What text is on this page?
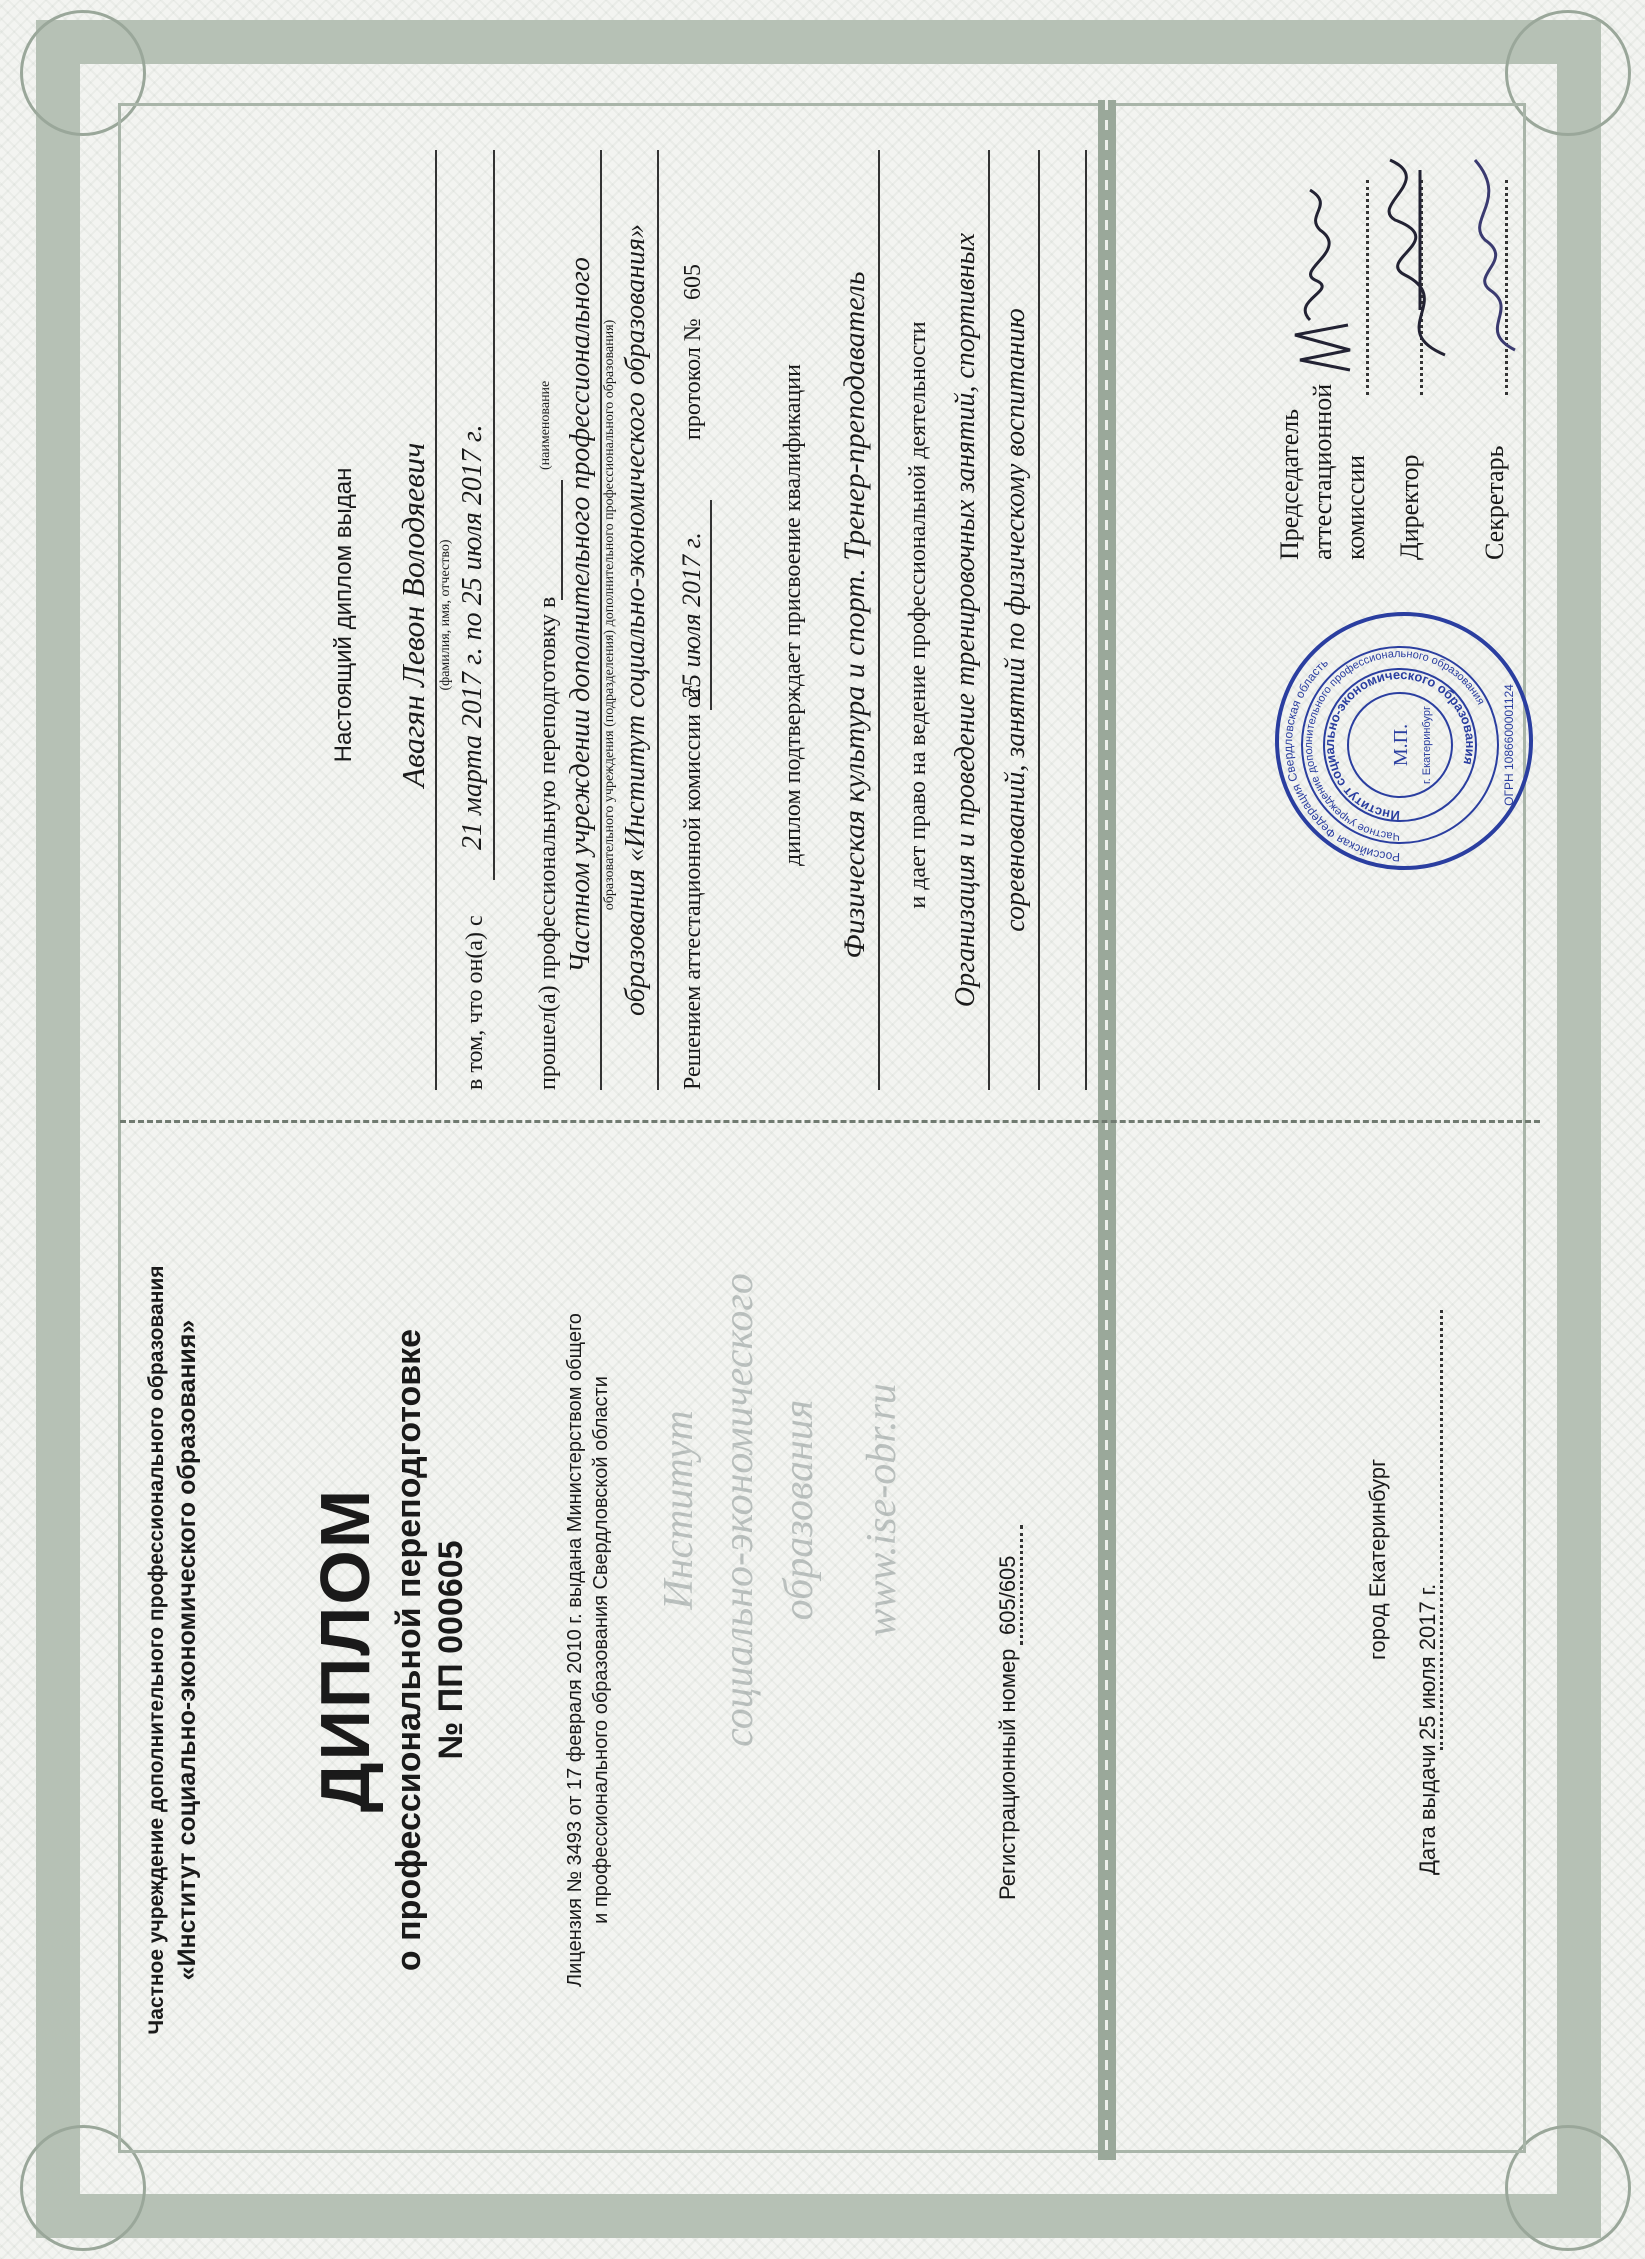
Частное учреждение дополнительного профессионального образования «Институт социально-экономического образования» ДИПЛОМ о профессиональной переподготовке № ПП 000605	Лицензия № 3493 от 17 февраля 2010 г. выдана Министерством общего и профессионального образования Свердловской области Институт социально-экономического образования www.ise-obr.ru
Регистрационный номер
605/605	город Екатеринбург
Дата выдачи
25 июля 2017 г.
Настоящий диплом выдан Авагян Левон Володяевич (фамилия, имя, отчество)
в том, что он(а) с
21 марта 2017 г. по 25 июля 2017 г. прошел(а) профессиональную переподготовку в
(наименование Частном учреждении дополнительного профессионального образовательного учреждения (подразделения) дополнительного профессионального образования) образования «Институт социально-экономического образования» Решением аттестационной комиссии от
25 июля 2017 г.
протокол №
605
диплом подтверждает присвоение квалификации Физическая культура и спорт. Тренер-преподаватель и дает право на ведение профессиональной деятельности Организация и проведение тренировочных занятий, спортивных соревнований, занятий по физическому воспитанию	Председатель аттестационной комиссии Директор Секретарь
Российская Федерация Свердловская область
Частное учреждение дополнительного профессионального образования
Институт социально-экономического образования
М.П.	ОГРН 1086600001124
г. Екатеринбург
